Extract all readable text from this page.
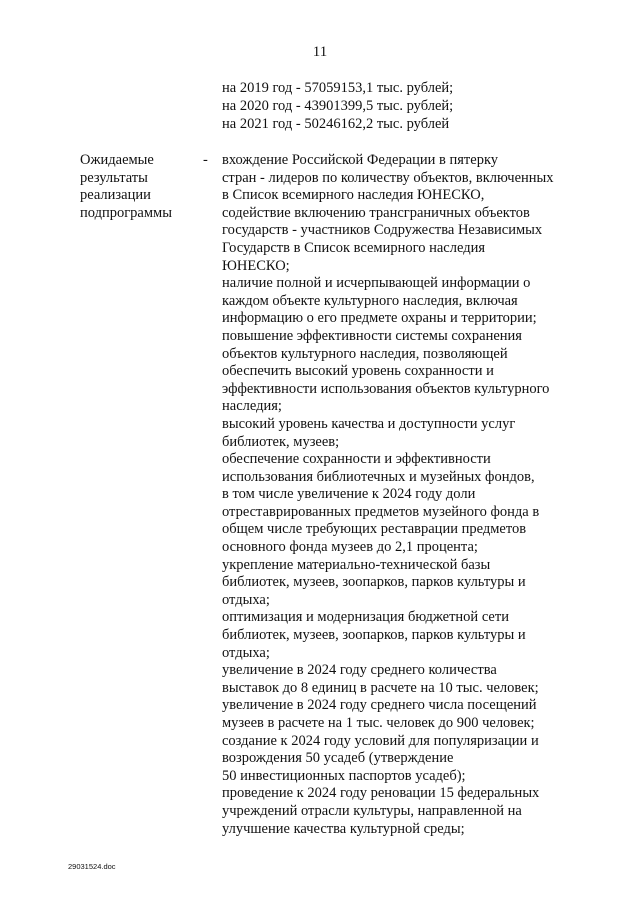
11
на 2019 год - 57059153,1 тыс. рублей;
на 2020 год - 43901399,5 тыс. рублей;
на 2021 год - 50246162,2 тыс. рублей
Ожидаемые
результаты
реализации
подпрограммы
- вхождение Российской Федерации в пятерку
стран - лидеров по количеству объектов, включенных
в Список всемирного наследия ЮНЕСКО,
содействие включению трансграничных объектов
государств - участников Содружества Независимых
Государств в Список всемирного наследия
ЮНЕСКО;
наличие полной и исчерпывающей информации о
каждом объекте культурного наследия, включая
информацию о его предмете охраны и территории;
повышение эффективности системы сохранения
объектов культурного наследия, позволяющей
обеспечить высокий уровень сохранности и
эффективности использования объектов культурного
наследия;
высокий уровень качества и доступности услуг
библиотек, музеев;
обеспечение сохранности и эффективности
использования библиотечных и музейных фондов,
в том числе увеличение к 2024 году доли
отреставрированных предметов музейного фонда в
общем числе требующих реставрации предметов
основного фонда музеев до 2,1 процента;
укрепление материально-технической базы
библиотек, музеев, зоопарков, парков культуры и
отдыха;
оптимизация и модернизация бюджетной сети
библиотек, музеев, зоопарков, парков культуры и
отдыха;
увеличение в 2024 году среднего количества
выставок до 8 единиц в расчете на 10 тыс. человек;
увеличение в 2024 году среднего числа посещений
музеев в расчете на 1 тыс. человек до 900 человек;
создание к 2024 году условий для популяризации и
возрождения 50 усадеб (утверждение
50 инвестиционных паспортов усадеб);
проведение к 2024 году реновации 15 федеральных
учреждений отрасли культуры, направленной на
улучшение качества культурной среды;
29031524.doc
